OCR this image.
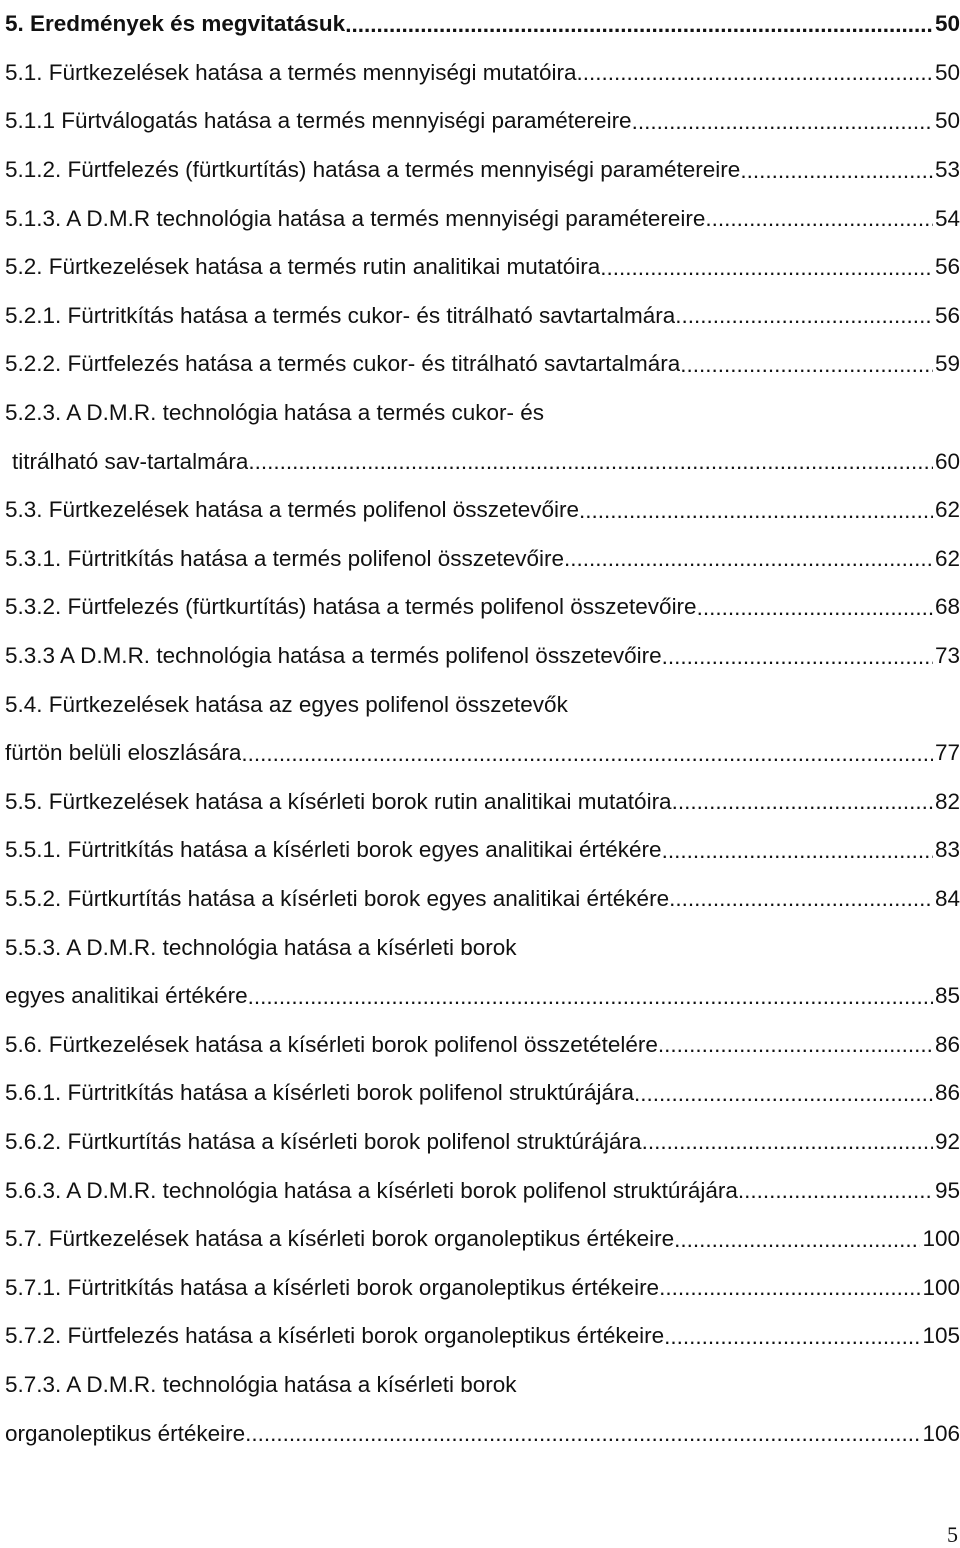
5. Eredmények és megvitatásuk .....	50
5.1. Fürtkezelések hatása a termés mennyiségi mutatóira .....	50
5.1.1 Fürtválogatás hatása a termés mennyiségi paramétereire .....	50
5.1.2. Fürtfelezés (fürtkurtítás) hatása a termés mennyiségi paramétereire .....	53
5.1.3. A D.M.R technológia hatása a termés mennyiségi paramétereire .....	54
5.2. Fürtkezelések hatása a termés rutin analitikai mutatóira .....	56
5.2.1. Fürtritkítás hatása a termés cukor- és titrálható savtartalmára .....	56
5.2.2. Fürtfelezés hatása a termés cukor- és titrálható savtartalmára .....	59
5.2.3. A D.M.R. technológia hatása a termés cukor- és
titrálható sav-tartalmára .....	60
5.3. Fürtkezelések hatása a termés polifenol összetevőire .....	62
5.3.1. Fürtritkítás hatása a termés polifenol összetevőire .....	62
5.3.2. Fürtfelezés (fürtkurtítás) hatása a termés polifenol összetevőire .....	68
5.3.3 A D.M.R. technológia hatása a termés polifenol összetevőire .....	73
5.4. Fürtkezelések hatása az egyes polifenol összetevők
fürtön belüli eloszlására .....	77
5.5. Fürtkezelések hatása a kísérleti borok rutin analitikai mutatóira .....	82
5.5.1. Fürtritkítás hatása a kísérleti borok egyes analitikai értékére .....	83
5.5.2. Fürtkurtítás hatása a kísérleti borok egyes analitikai értékére .....	84
5.5.3. A D.M.R. technológia hatása a kísérleti borok
egyes analitikai értékére .....	85
5.6. Fürtkezelések hatása a kísérleti borok polifenol összetételére .....	86
5.6.1. Fürtritkítás hatása a kísérleti borok polifenol struktúrájára .....	86
5.6.2. Fürtkurtítás hatása a kísérleti borok polifenol struktúrájára .....	92
5.6.3. A D.M.R. technológia hatása a kísérleti borok polifenol struktúrájára .....	95
5.7. Fürtkezelések hatása a kísérleti borok organoleptikus értékeire .....	100
5.7.1. Fürtritkítás hatása a kísérleti borok organoleptikus értékeire .....	100
5.7.2. Fürtfelezés hatása a kísérleti borok organoleptikus értékeire .....	105
5.7.3. A D.M.R. technológia hatása a kísérleti borok
organoleptikus értékeire .....	106
5
